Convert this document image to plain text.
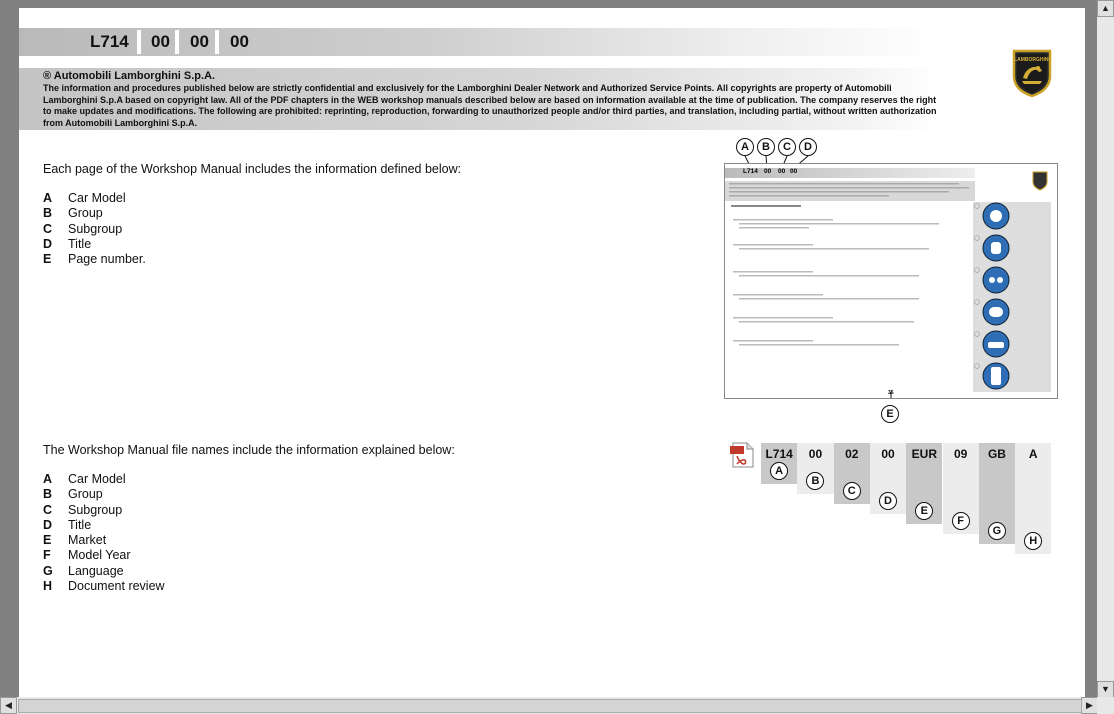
L714 00 00 00
® Automobili Lamborghini S.p.A.
The information and procedures published below are strictly confidential and exclusively for the Lamborghini Dealer Network and Authorized Service Points. All copyrights are property of Automobili Lamborghini S.p.A based on copyright law. All of the PDF chapters in the WEB workshop manuals described below are based on information available at the time of publication. The company reserves the right to make updates and modifications. The following are prohibited: reprinting, reproduction, forwarding to unauthorized people and/or third parties, and translation, including partial, without written authorization from Automobili Lamborghini S.p.A.
LAMBORGHINI
Each page of the Workshop Manual includes the information defined below:
A Car Model
B Group
C Subgroup
D Title
E Page number.
A	B	C	D
L714 00 00 00
35
E
The Workshop Manual file names include the information explained below:
A Car Model
B Group
C Subgroup
D Title
E Market
F Model Year
G Language
H Document review
L714
A
00
B
02
C
00
D
EUR
E
09
F
GB
G
A
H
▲
▼
◀	▶
